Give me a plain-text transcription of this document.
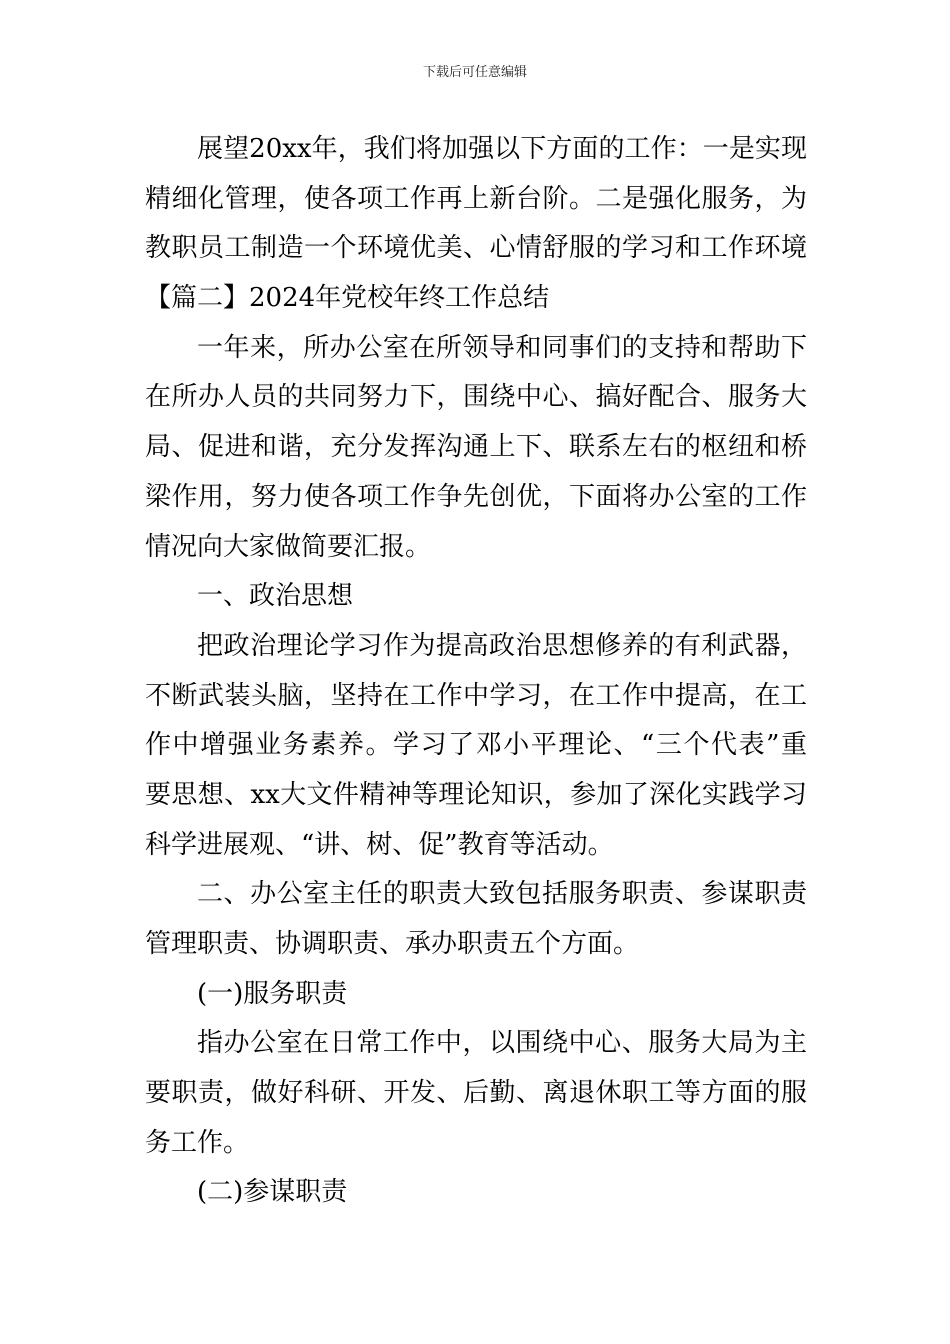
下载后可任意编辑
展望20xx年，我们将加强以下方面的工作：一是实现
精细化管理，使各项工作再上新台阶。二是强化服务，为
教职员工制造一个环境优美、心情舒服的学习和工作环境
【篇二】2024年党校年终工作总结
一年来，所办公室在所领导和同事们的支持和帮助下
在所办人员的共同努力下，围绕中心、搞好配合、服务大
局、促进和谐，充分发挥沟通上下、联系左右的枢纽和桥
梁作用，努力使各项工作争先创优，下面将办公室的工作
情况向大家做简要汇报。
一、政治思想
把政治理论学习作为提高政治思想修养的有利武器，
不断武装头脑，坚持在工作中学习，在工作中提高，在工
作中增强业务素养。学习了邓小平理论、“三个代表”重
要思想、xx大文件精神等理论知识，参加了深化实践学习
科学进展观、“讲、树、促”教育等活动。
二、办公室主任的职责大致包括服务职责、参谋职责
管理职责、协调职责、承办职责五个方面。
(一)服务职责
指办公室在日常工作中，以围绕中心、服务大局为主
要职责，做好科研、开发、后勤、离退休职工等方面的服
务工作。
(二)参谋职责
